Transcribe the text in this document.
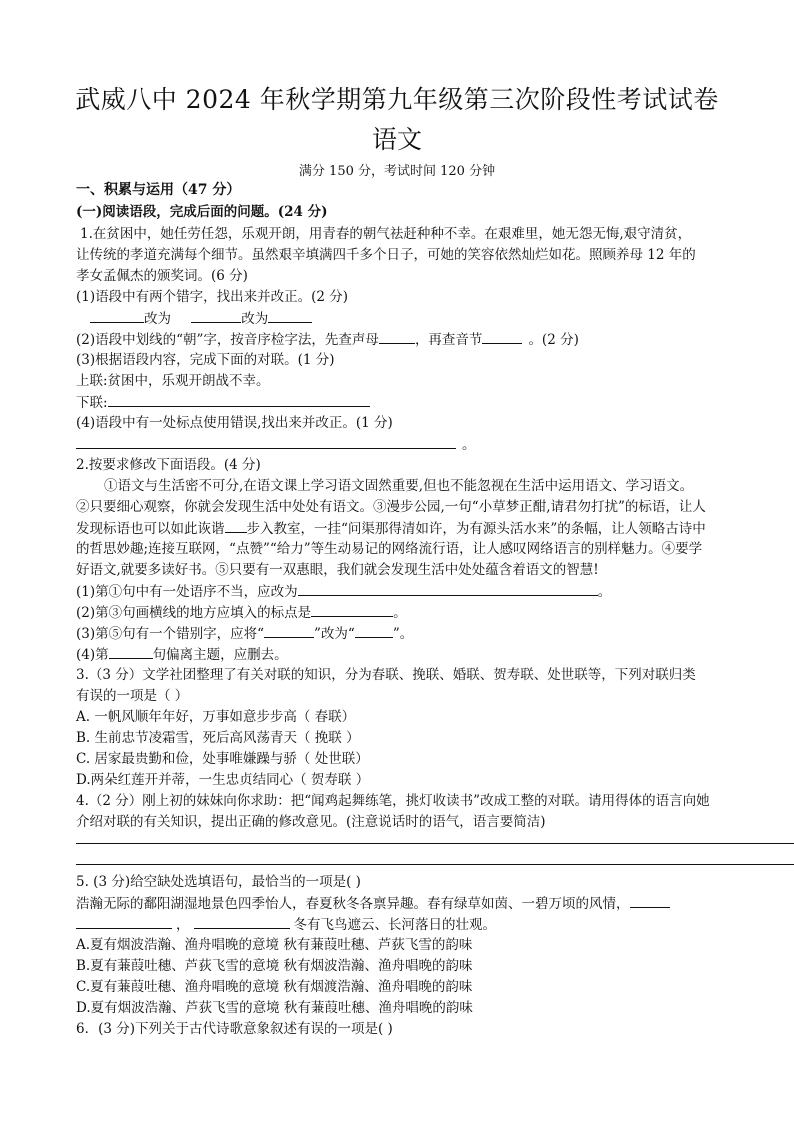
武威八中 2024 年秋学期第九年级第三次阶段性考试试卷
语文
满分 150 分，考试时间 120 分钟
一、积累与运用（47 分）
(一)阅读语段，完成后面的问题。(24 分)
1.在贫困中，她任劳任怨，乐观开朗，用青春的朝气祛赶种种不幸。在艰难里，她无怨无悔,艰守清贫，
让传统的孝道充满每个细节。虽然艰辛填满四千多个日子，可她的笑容依然灿烂如花。照顾养母 12 年的
孝女孟佩杰的颁奖词。(6 分)
(1)语段中有两个错字，找出来并改正。(2 分)
改为	改为
(2)语段中划线的“朝”字，按音序检字法，先查声母	，再查音节	。(2 分)
(3)根据语段内容，完成下面的对联。(1 分)
上联:贫困中，乐观开朗战不幸。
下联:
(4)语段中有一处标点使用错误,找出来并改正。(1 分)
。
2.按要求修改下面语段。(4 分)
①语文与生活密不可分,在语文课上学习语文固然重要,但也不能忽视在生活中运用语文、学习语文。
②只要细心观察，你就会发现生活中处处有语文。③漫步公园,一句“小草梦正酣,请君勿打扰”的标语，让人
发现标语也可以如此诙谐 步入教室，一挂“问渠那得清如许，为有源头活水来”的条幅，让人领略古诗中
的哲思妙趣;连接互联网，“点赞”“给力”等生动易记的网络流行语，让人感叹网络语言的别样魅力。④要学
好语文,就要多读好书。⑤只要有一双惠眼，我们就会发现生活中处处蕴含着语文的智慧!
(1)第①句中有一处语序不当，应改为	。
(2)第③句画横线的地方应填入的标点是	。
(3)第⑤句有一个错别字，应将“	”改为“	”。
(4)第	句偏离主题，应删去。
3.（3 分）文学社团整理了有关对联的知识，分为春联、挽联、婚联、贺寿联、处世联等，下列对联归类
有误的一项是（ ）
A. 一帆风顺年年好，万事如意步步高（ 春联）
B. 生前忠节凌霜雪，死后高风荡青天（ 挽联 ）
C. 居家最贵勤和俭，处事唯嫌躁与骄（ 处世联）
D.两朵红莲开并蒂，一生忠贞结同心（ 贺寿联 ）
4.（2 分）刚上初的妹妹向你求助：把“闻鸡起舞练笔，挑灯收读书”改成工整的对联。请用得体的语言向她
介绍对联的有关知识，提出正确的修改意见。(注意说话时的语气，语言要简洁)
5. (3 分)给空缺处选填语句，最恰当的一项是( )
浩瀚无际的鄱阳湖湿地景色四季怡人，春夏秋冬各禀异趣。春有绿草如茵、一碧万顷的风情，
，	冬有飞鸟遮云、长河落日的壮观。
A.夏有烟波浩瀚、渔舟唱晚的意境 秋有蒹葭吐穗、芦荻飞雪的韵味
B.夏有蒹葭吐穗、芦荻飞雪的意境 秋有烟波浩瀚、渔舟唱晚的韵味
C.夏有蒹葭吐穗、渔舟唱晚的意境 秋有烟渡浩瀚、渔舟唱晚的韵味
D.夏有烟波浩瀚、芦荻飞雪的意境 秋有蒹葭吐穗、渔舟唱晚的韵味
6．(3 分)下列关于古代诗歌意象叙述有误的一项是( )
